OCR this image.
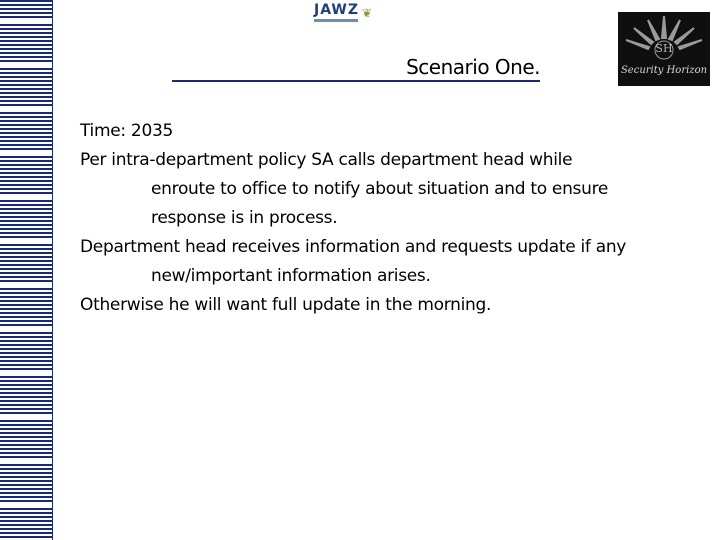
JAWZ ❦
SH
Security Horizon
Scenario One.

Time: 2035

Per intra-department policy SA calls department head while enroute to office to notify about situation and to ensure response is in process.

Department head receives information and requests update if any new/important information arises.

Otherwise he will want full update in the morning.
